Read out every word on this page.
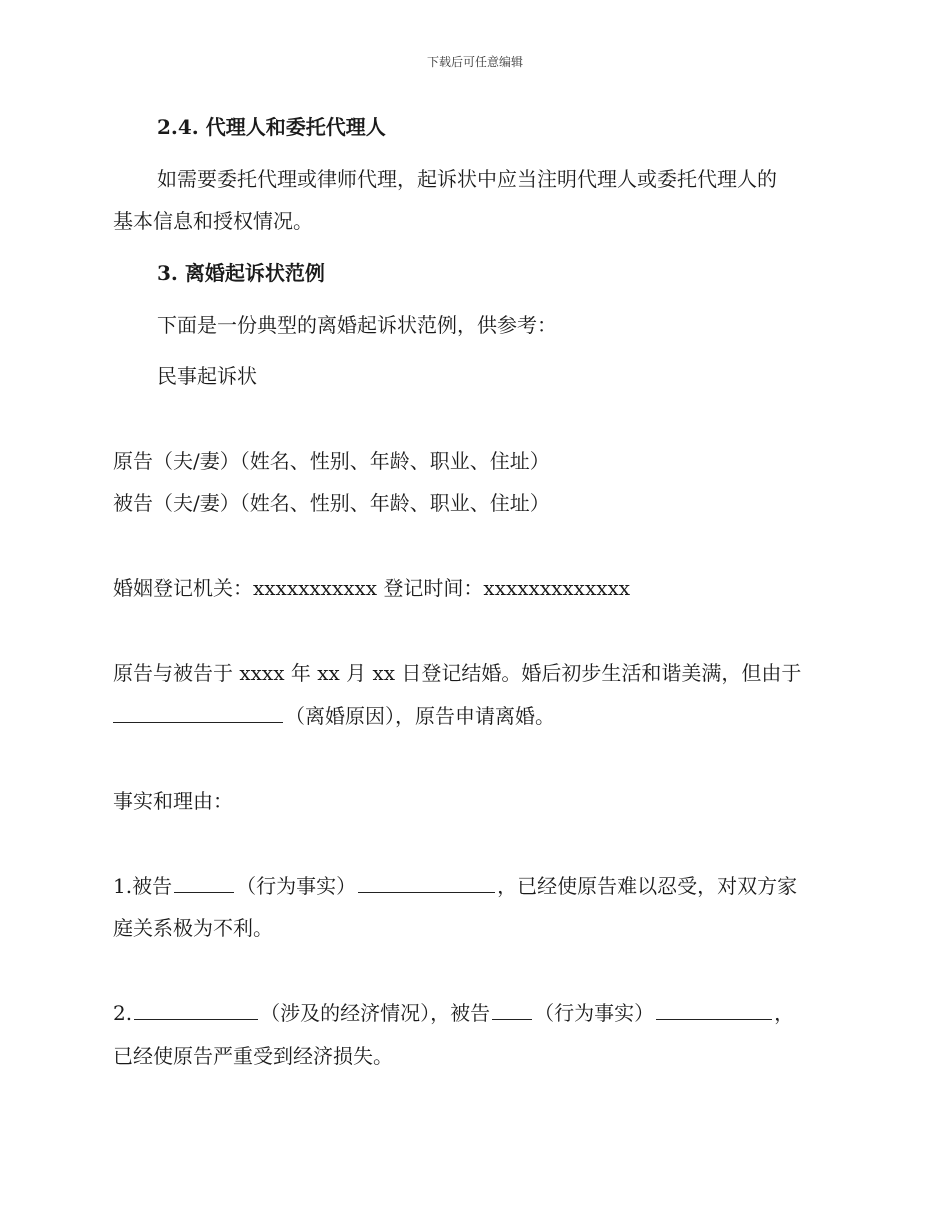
下载后可任意编辑
2.4. 代理人和委托代理人
如需要委托代理或律师代理，起诉状中应当注明代理人或委托代理人的
基本信息和授权情况。
3. 离婚起诉状范例
下面是一份典型的离婚起诉状范例，供参考：
民事起诉状
原告（夫/妻）（姓名、性别、年龄、职业、住址）
被告（夫/妻）（姓名、性别、年龄、职业、住址）
婚姻登记机关：xxxxxxxxxxx 登记时间：xxxxxxxxxxxxx
原告与被告于 xxxx 年 xx 月 xx 日登记结婚。婚后初步生活和谐美满，但由于
（离婚原因），原告申请离婚。
事实和理由：
1.被告	（行为事实）	，已经使原告难以忍受，对双方家
庭关系极为不利。
2.	（涉及的经济情况），被告 （行为事实）	，
已经使原告严重受到经济损失。
